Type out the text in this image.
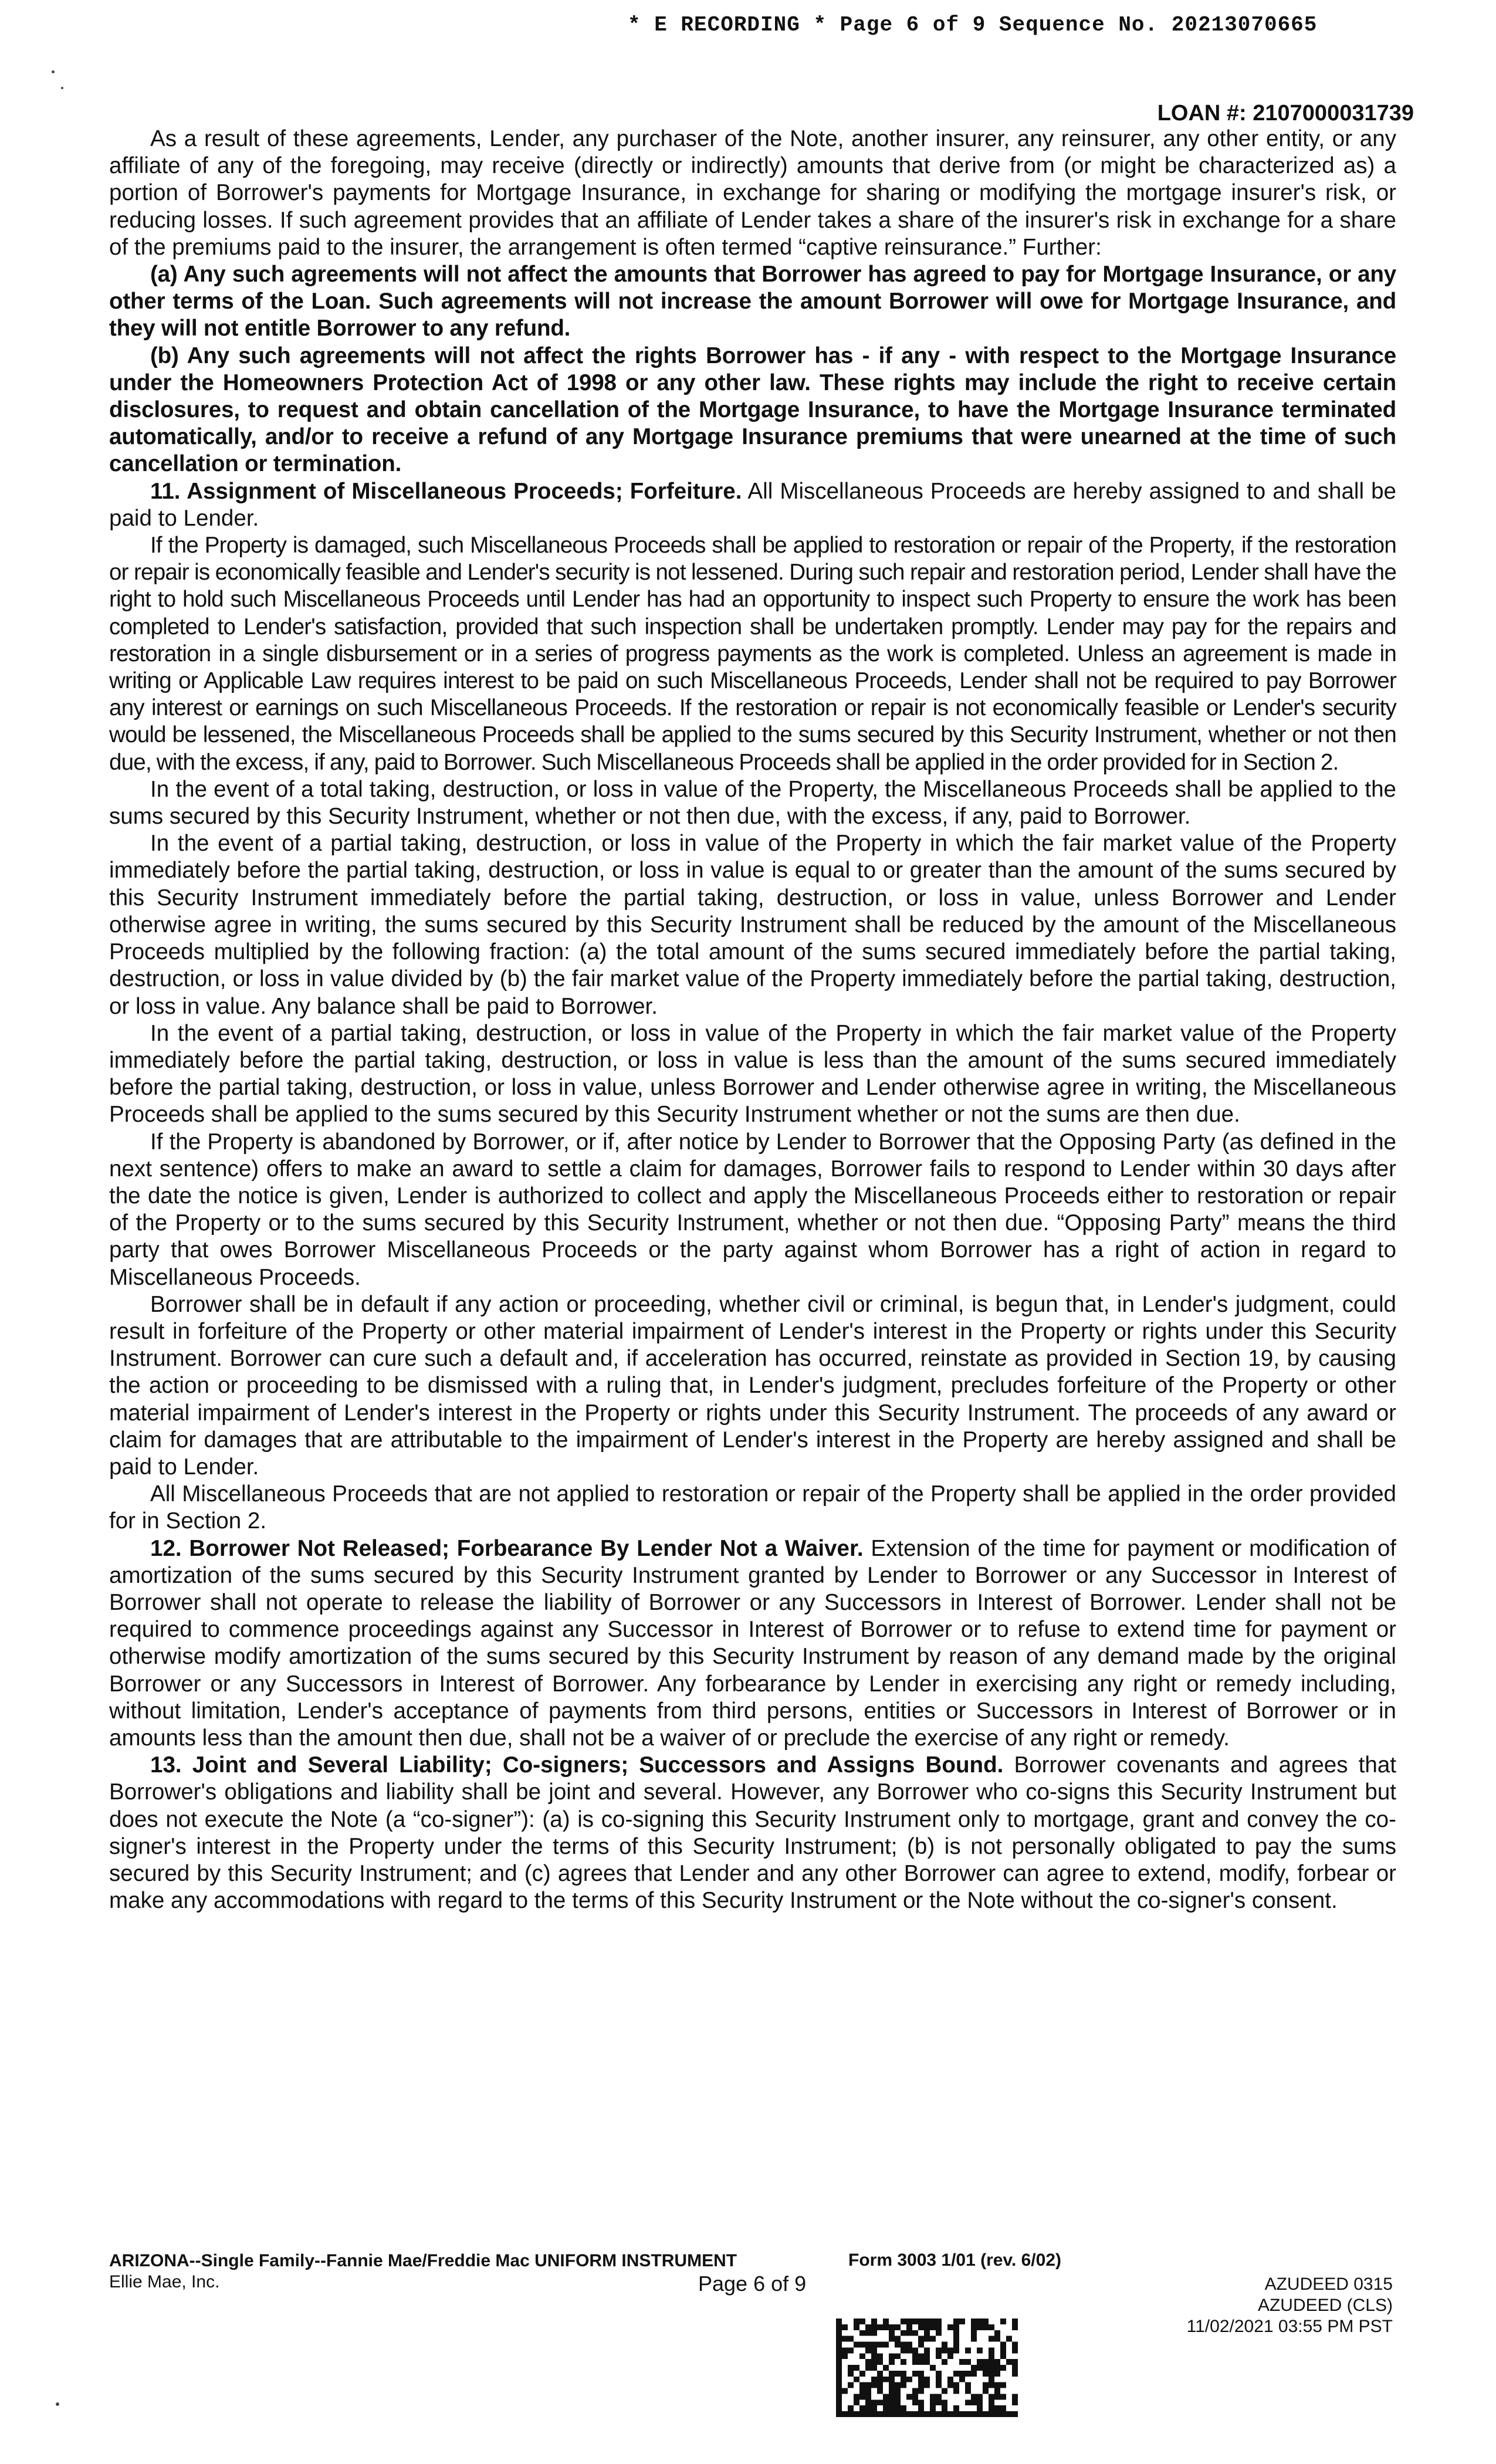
* E RECORDING * Page 6 of 9 Sequence No. 20213070665
LOAN #: 2107000031739

As a result of these agreements, Lender, any purchaser of the Note, another insurer, any reinsurer, any other entity, or any affiliate of any of the foregoing, may receive (directly or indirectly) amounts that derive from (or might be characterized as) a portion of Borrower's payments for Mortgage Insurance, in exchange for sharing or modifying the mortgage insurer's risk, or reducing losses. If such agreement provides that an affiliate of Lender takes a share of the insurer's risk in exchange for a share of the premiums paid to the insurer, the arrangement is often termed “captive reinsurance.” Further:

(a) Any such agreements will not affect the amounts that Borrower has agreed to pay for Mortgage Insurance, or any other terms of the Loan. Such agreements will not increase the amount Borrower will owe for Mortgage Insurance, and they will not entitle Borrower to any refund.

(b) Any such agreements will not affect the rights Borrower has - if any - with respect to the Mortgage Insurance under the Homeowners Protection Act of 1998 or any other law. These rights may include the right to receive certain disclosures, to request and obtain cancellation of the Mortgage Insurance, to have the Mortgage Insurance terminated automatically, and/or to receive a refund of any Mortgage Insurance premiums that were unearned at the time of such cancellation or termination.

11. Assignment of Miscellaneous Proceeds; Forfeiture. All Miscellaneous Proceeds are hereby assigned to and shall be paid to Lender.

If the Property is damaged, such Miscellaneous Proceeds shall be applied to restoration or repair of the Property, if the restoration or repair is economically feasible and Lender's security is not lessened. During such repair and restoration period, Lender shall have the right to hold such Miscellaneous Proceeds until Lender has had an opportunity to inspect such Property to ensure the work has been completed to Lender's satisfaction, provided that such inspection shall be undertaken promptly. Lender may pay for the repairs and restoration in a single disbursement or in a series of progress payments as the work is completed. Unless an agreement is made in writing or Applicable Law requires interest to be paid on such Miscellaneous Proceeds, Lender shall not be required to pay Borrower any interest or earnings on such Miscellaneous Proceeds. If the restoration or repair is not economically feasible or Lender's security would be lessened, the Miscellaneous Proceeds shall be applied to the sums secured by this Security Instrument, whether or not then due, with the excess, if any, paid to Borrower. Such Miscellaneous Proceeds shall be applied in the order provided for in Section 2.

In the event of a total taking, destruction, or loss in value of the Property, the Miscellaneous Proceeds shall be applied to the sums secured by this Security Instrument, whether or not then due, with the excess, if any, paid to Borrower.

In the event of a partial taking, destruction, or loss in value of the Property in which the fair market value of the Property immediately before the partial taking, destruction, or loss in value is equal to or greater than the amount of the sums secured by this Security Instrument immediately before the partial taking, destruction, or loss in value, unless Borrower and Lender otherwise agree in writing, the sums secured by this Security Instrument shall be reduced by the amount of the Miscellaneous Proceeds multiplied by the following fraction: (a) the total amount of the sums secured immediately before the partial taking, destruction, or loss in value divided by (b) the fair market value of the Property immediately before the partial taking, destruction, or loss in value. Any balance shall be paid to Borrower.

In the event of a partial taking, destruction, or loss in value of the Property in which the fair market value of the Property immediately before the partial taking, destruction, or loss in value is less than the amount of the sums secured immediately before the partial taking, destruction, or loss in value, unless Borrower and Lender otherwise agree in writing, the Miscellaneous Proceeds shall be applied to the sums secured by this Security Instrument whether or not the sums are then due.

If the Property is abandoned by Borrower, or if, after notice by Lender to Borrower that the Opposing Party (as defined in the next sentence) offers to make an award to settle a claim for damages, Borrower fails to respond to Lender within 30 days after the date the notice is given, Lender is authorized to collect and apply the Miscellaneous Proceeds either to restoration or repair of the Property or to the sums secured by this Security Instrument, whether or not then due. “Opposing Party” means the third party that owes Borrower Miscellaneous Proceeds or the party against whom Borrower has a right of action in regard to Miscellaneous Proceeds.

Borrower shall be in default if any action or proceeding, whether civil or criminal, is begun that, in Lender's judgment, could result in forfeiture of the Property or other material impairment of Lender's interest in the Property or rights under this Security Instrument. Borrower can cure such a default and, if acceleration has occurred, reinstate as provided in Section 19, by causing the action or proceeding to be dismissed with a ruling that, in Lender's judgment, precludes forfeiture of the Property or other material impairment of Lender's interest in the Property or rights under this Security Instrument. The proceeds of any award or claim for damages that are attributable to the impairment of Lender's interest in the Property are hereby assigned and shall be paid to Lender.

All Miscellaneous Proceeds that are not applied to restoration or repair of the Property shall be applied in the order provided for in Section 2.

12. Borrower Not Released; Forbearance By Lender Not a Waiver. Extension of the time for payment or modification of amortization of the sums secured by this Security Instrument granted by Lender to Borrower or any Successor in Interest of Borrower shall not operate to release the liability of Borrower or any Successors in Interest of Borrower. Lender shall not be required to commence proceedings against any Successor in Interest of Borrower or to refuse to extend time for payment or otherwise modify amortization of the sums secured by this Security Instrument by reason of any demand made by the original Borrower or any Successors in Interest of Borrower. Any forbearance by Lender in exercising any right or remedy including, without limitation, Lender's acceptance of payments from third persons, entities or Successors in Interest of Borrower or in amounts less than the amount then due, shall not be a waiver of or preclude the exercise of any right or remedy.

13. Joint and Several Liability; Co-signers; Successors and Assigns Bound. Borrower covenants and agrees that Borrower's obligations and liability shall be joint and several. However, any Borrower who co-signs this Security Instrument but does not execute the Note (a “co-signer”): (a) is co-signing this Security Instrument only to mortgage, grant and convey the co-signer's interest in the Property under the terms of this Security Instrument; (b) is not personally obligated to pay the sums secured by this Security Instrument; and (c) agrees that Lender and any other Borrower can agree to extend, modify, forbear or make any accommodations with regard to the terms of this Security Instrument or the Note without the co-signer's consent.

ARIZONA--Single Family--Fannie Mae/Freddie Mac UNIFORM INSTRUMENT
Ellie Mae, Inc.
Form 3003 1/01 (rev. 6/02)
Page 6 of 9	AZUDEED 0315
AZUDEED (CLS)
11/02/2021 03:55 PM PST
